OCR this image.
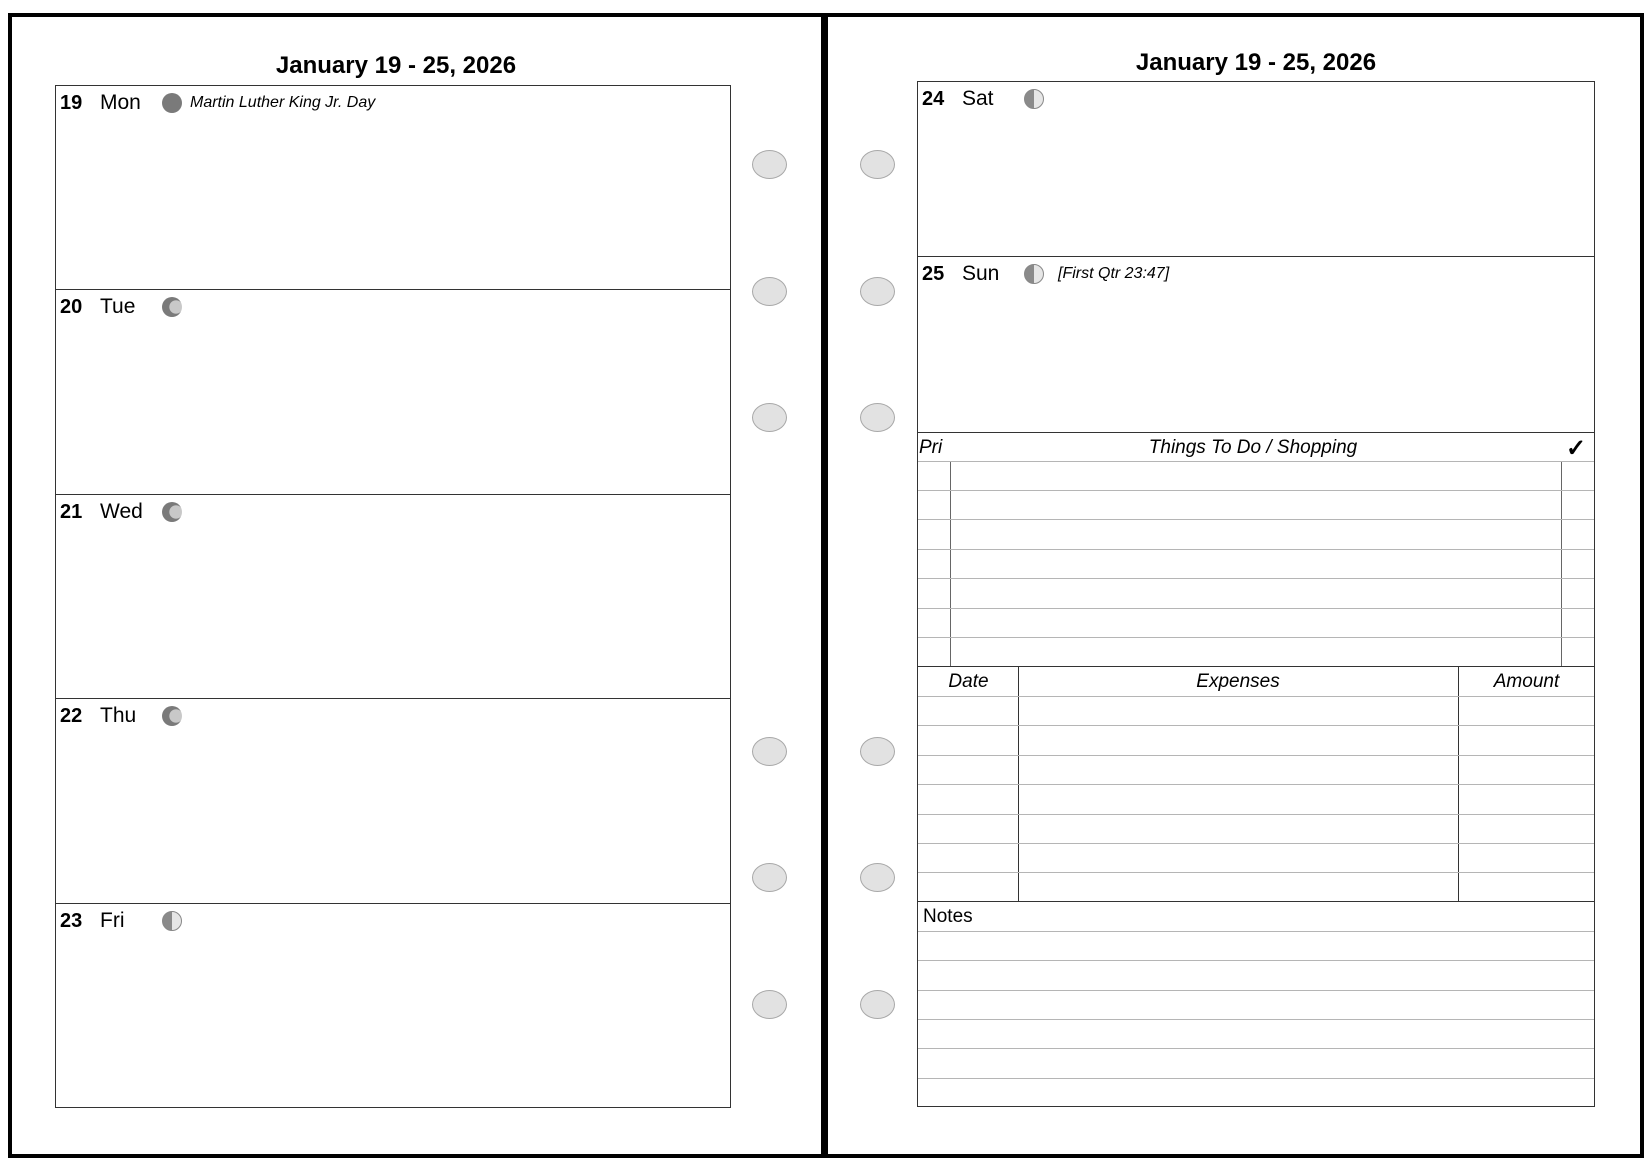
January 19 - 25, 2026
19 Mon	Martin Luther King Jr. Day
20 Tue
21 Wed
22 Thu
23 Fri
January 19 - 25, 2026
24 Sat
25 Sun	[First Qtr 23:47]
Pri	Things To Do / Shopping	✓
Date	Expenses	Amount
Notes
